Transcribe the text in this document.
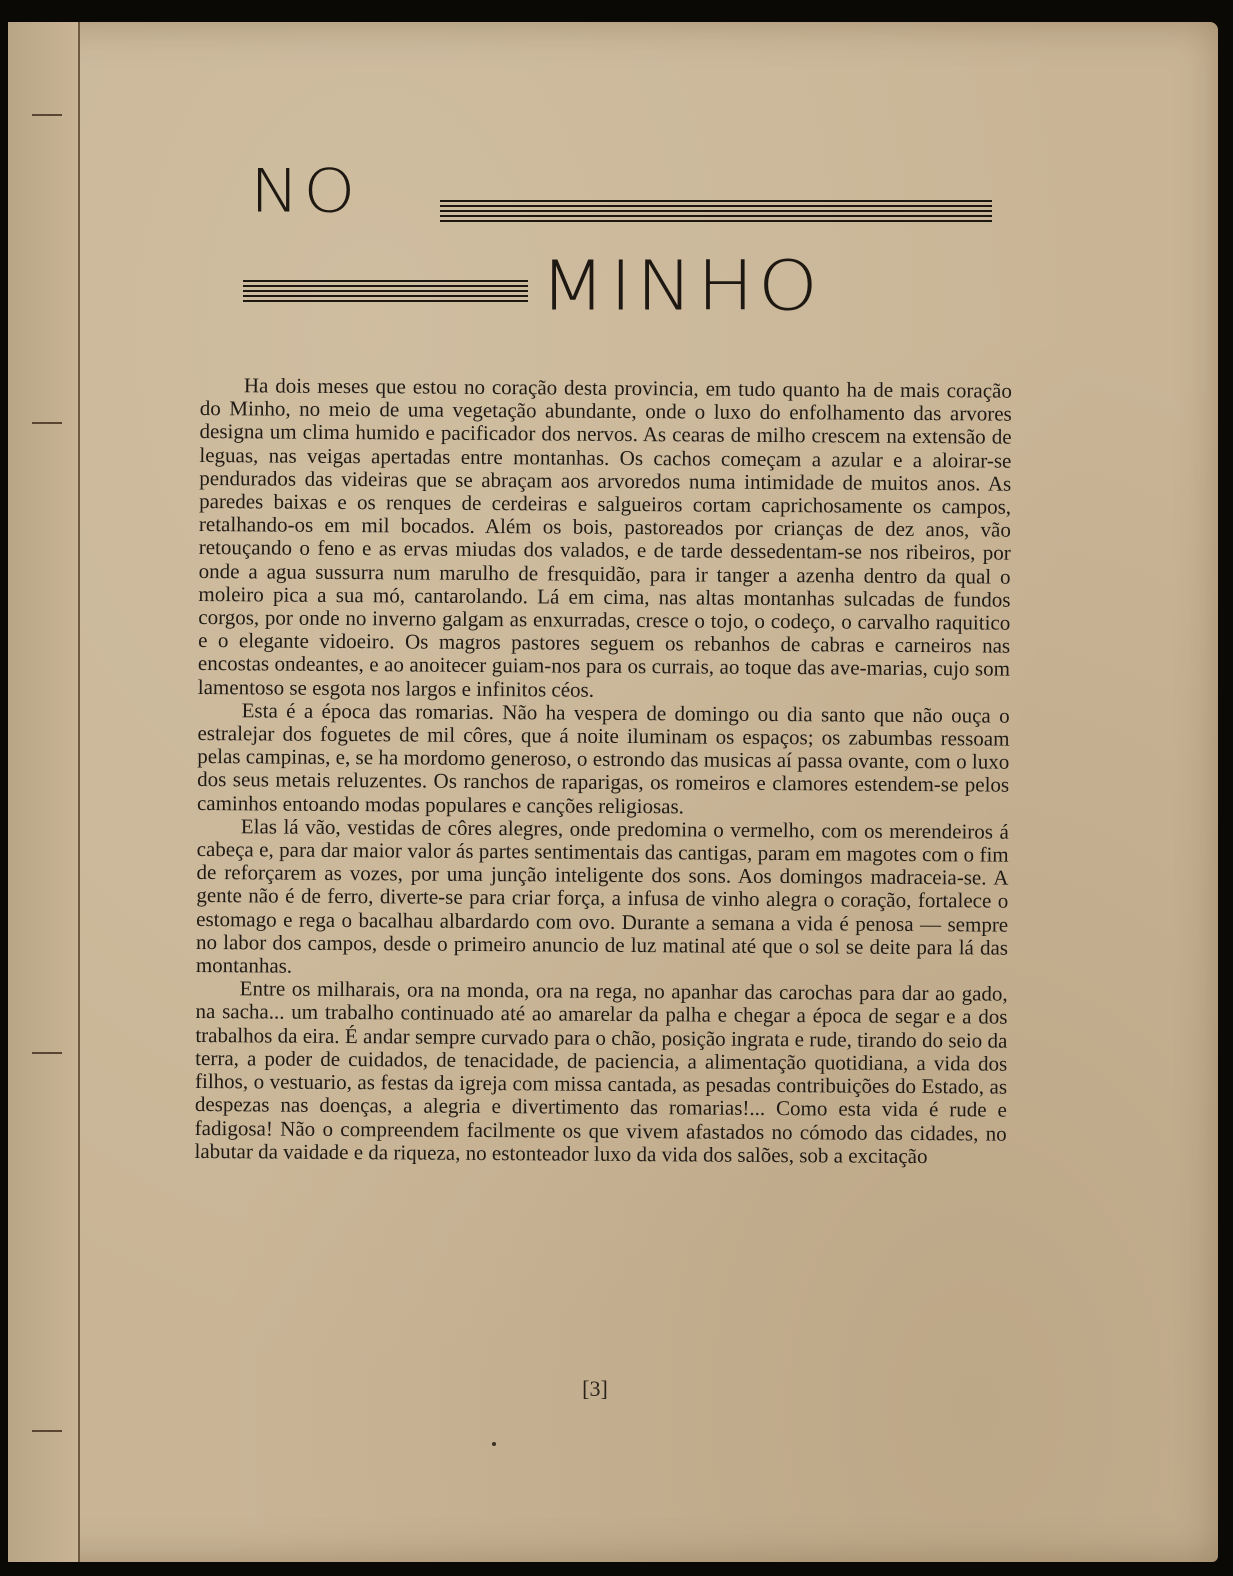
NO
MINHO

Ha dois meses que estou no coração desta provincia, em tudo quanto ha de mais coração do Minho, no meio de uma vegetação abundante, onde o luxo do enfolhamento das arvores designa um clima humido e pacificador dos nervos. As cearas de milho crescem na extensão de leguas, nas veigas apertadas entre montanhas. Os cachos começam a azular e a aloirar-se pendurados das videiras que se abraçam aos arvoredos numa intimidade de muitos anos. As paredes baixas e os renques de cerdeiras e salgueiros cortam caprichosamente os campos, retalhando-os em mil bocados. Além os bois, pastoreados por crianças de dez anos, vão retouçando o feno e as ervas miudas dos valados, e de tarde dessedentam-se nos ribeiros, por onde a agua sussurra num marulho de fresquidão, para ir tanger a azenha dentro da qual o moleiro pica a sua mó, cantarolando. Lá em cima, nas altas montanhas sulcadas de fundos corgos, por onde no inverno galgam as enxurradas, cresce o tojo, o codeço, o carvalho raquitico e o elegante vidoeiro. Os magros pastores seguem os rebanhos de cabras e carneiros nas encostas ondeantes, e ao anoitecer guiam-nos para os currais, ao toque das ave-marias, cujo som lamentoso se esgota nos largos e infinitos céos.

Esta é a época das romarias. Não ha vespera de domingo ou dia santo que não ouça o estralejar dos foguetes de mil côres, que á noite iluminam os espaços; os zabumbas ressoam pelas campinas, e, se ha mordomo generoso, o estrondo das musicas aí passa ovante, com o luxo dos seus metais reluzentes. Os ranchos de raparigas, os romeiros e clamores estendem-se pelos caminhos entoando modas populares e canções religiosas.

Elas lá vão, vestidas de côres alegres, onde predomina o vermelho, com os merendeiros á cabeça e, para dar maior valor ás partes sentimentais das cantigas, param em magotes com o fim de reforçarem as vozes, por uma junção inteligente dos sons. Aos domingos madraceia-se. A gente não é de ferro, diverte-se para criar força, a infusa de vinho alegra o coração, fortalece o estomago e rega o bacalhau albardardo com ovo. Durante a semana a vida é penosa — sempre no labor dos campos, desde o primeiro anuncio de luz matinal até que o sol se deite para lá das montanhas.

Entre os milharais, ora na monda, ora na rega, no apanhar das carochas para dar ao gado, na sacha... um trabalho continuado até ao amarelar da palha e chegar a época de segar e a dos trabalhos da eira. É andar sempre curvado para o chão, posição ingrata e rude, tirando do seio da terra, a poder de cuidados, de tenacidade, de paciencia, a alimentação quotidiana, a vida dos filhos, o vestuario, as festas da igreja com missa cantada, as pesadas contribuições do Estado, as despezas nas doenças, a alegria e divertimento das romarias!... Como esta vida é rude e fadigosa! Não o compreendem facilmente os que vivem afastados no cómodo das cidades, no labutar da vaidade e da riqueza, no estonteador luxo da vida dos salões, sob a excitação

[3]
